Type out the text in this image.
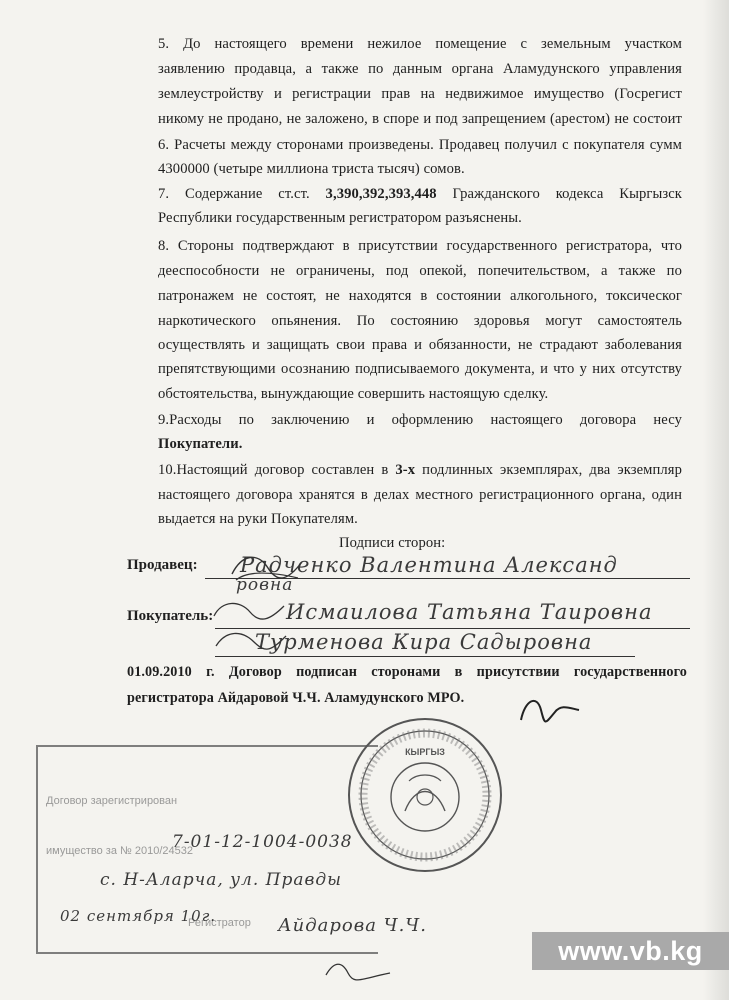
5. До настоящего времени нежилое помещение с земельным участком
заявлению продавца, а также по данным органа Аламудунского управления
землеустройству и регистрации прав на недвижимое имущество (Госрегист
никому не продано, не заложено, в споре и под запрещением (арестом) не состоит
6. Расчеты между сторонами произведены. Продавец получил с покупателя сумм
4300000 (четыре миллиона триста тысяч) сомов.
7. Содержание ст.ст. 3,390,392,393,448 Гражданского кодекса Кыргызск
Республики государственным регистратором разъяснены.
8. Стороны подтверждают в присутствии государственного регистратора, что
дееспособности не ограничены, под опекой, попечительством, а также по
патронажем не состоят, не находятся в состоянии алкогольного, токсическог
наркотического опьянения. По состоянию здоровья могут самостоятель
осуществлять и защищать свои права и обязанности, не страдают заболевания
препятствующими осознанию подписываемого документа, и что у них отсутству
обстоятельства, вынуждающие совершить настоящую сделку.
9.Расходы по заключению и оформлению настоящего договора несу
Покупатели.
10.Настоящий договор составлен в 3-х подлинных экземплярах, два экземпляр
настоящего договора хранятся в делах местного регистрационного органа, один
выдается на руки Покупателям.
Подписи сторон:
Продавец: Радченко Валентина Александ
ровна
Покупатель:	Исмаилова Татьяна Таировна
Турменова Кира Садыровна
01.09.2010 г. Договор подписан сторонами в присутствии государственного
регистратора Айдаровой Ч.Ч. Аламудунского МРО.
Договор зарегистрирован
имущество за № 2010/24532
Регистратор
7-01-12-1004-0038
с. Н-Аларча, ул. Правды
02 сентября 10г.	Айдарова Ч.Ч.
КЫРГЫЗ
www.vb.kg
